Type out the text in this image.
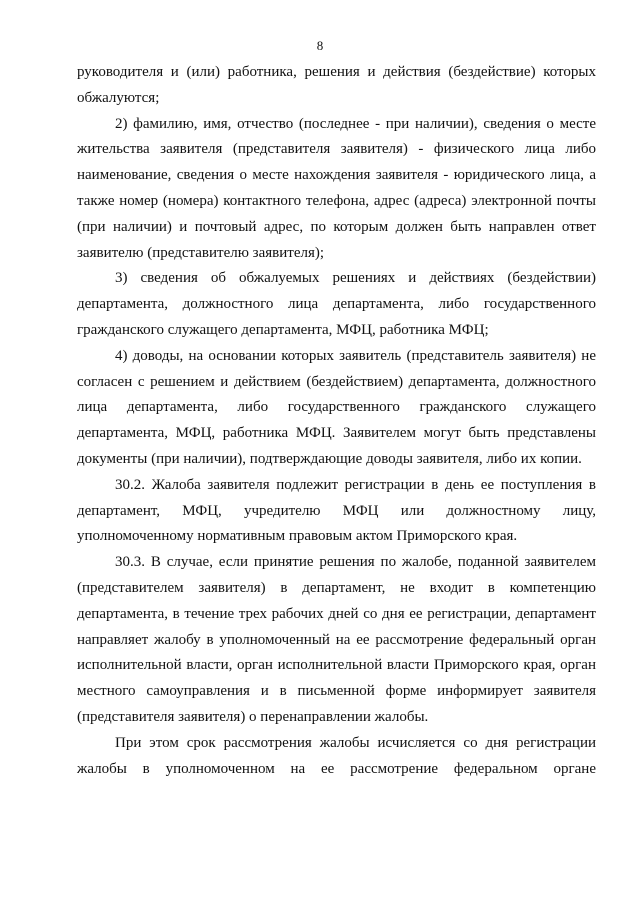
8

руководителя и (или) работника, решения и действия (бездействие) которых обжалуются;

2) фамилию, имя, отчество (последнее - при наличии), сведения о месте жительства заявителя (представителя заявителя) - физического лица либо наименование, сведения о месте нахождения заявителя - юридического лица, а также номер (номера) контактного телефона, адрес (адреса) электронной почты (при наличии) и почтовый адрес, по которым должен быть направлен ответ заявителю (представителю заявителя);

3) сведения об обжалуемых решениях и действиях (бездействии) департамента, должностного лица департамента, либо государственного гражданского служащего департамента, МФЦ, работника МФЦ;

4) доводы, на основании которых заявитель (представитель заявителя) не согласен с решением и действием (бездействием) департамента, должностного лица департамента, либо государственного гражданского служащего департамента, МФЦ, работника МФЦ. Заявителем могут быть представлены документы (при наличии), подтверждающие доводы заявителя, либо их копии.

30.2. Жалоба заявителя подлежит регистрации в день ее поступления в департамент, МФЦ, учредителю МФЦ или должностному лицу, уполномоченному нормативным правовым актом Приморского края.

30.3. В случае, если принятие решения по жалобе, поданной заявителем (представителем заявителя) в департамент, не входит в компетенцию департамента, в течение трех рабочих дней со дня ее регистрации, департамент направляет жалобу в уполномоченный на ее рассмотрение федеральный орган исполнительной власти, орган исполнительной власти Приморского края, орган местного самоуправления и в письменной форме информирует заявителя (представителя заявителя) о перенаправлении жалобы.

При этом срок рассмотрения жалобы исчисляется со дня регистрации жалобы в уполномоченном на ее рассмотрение федеральном органе
